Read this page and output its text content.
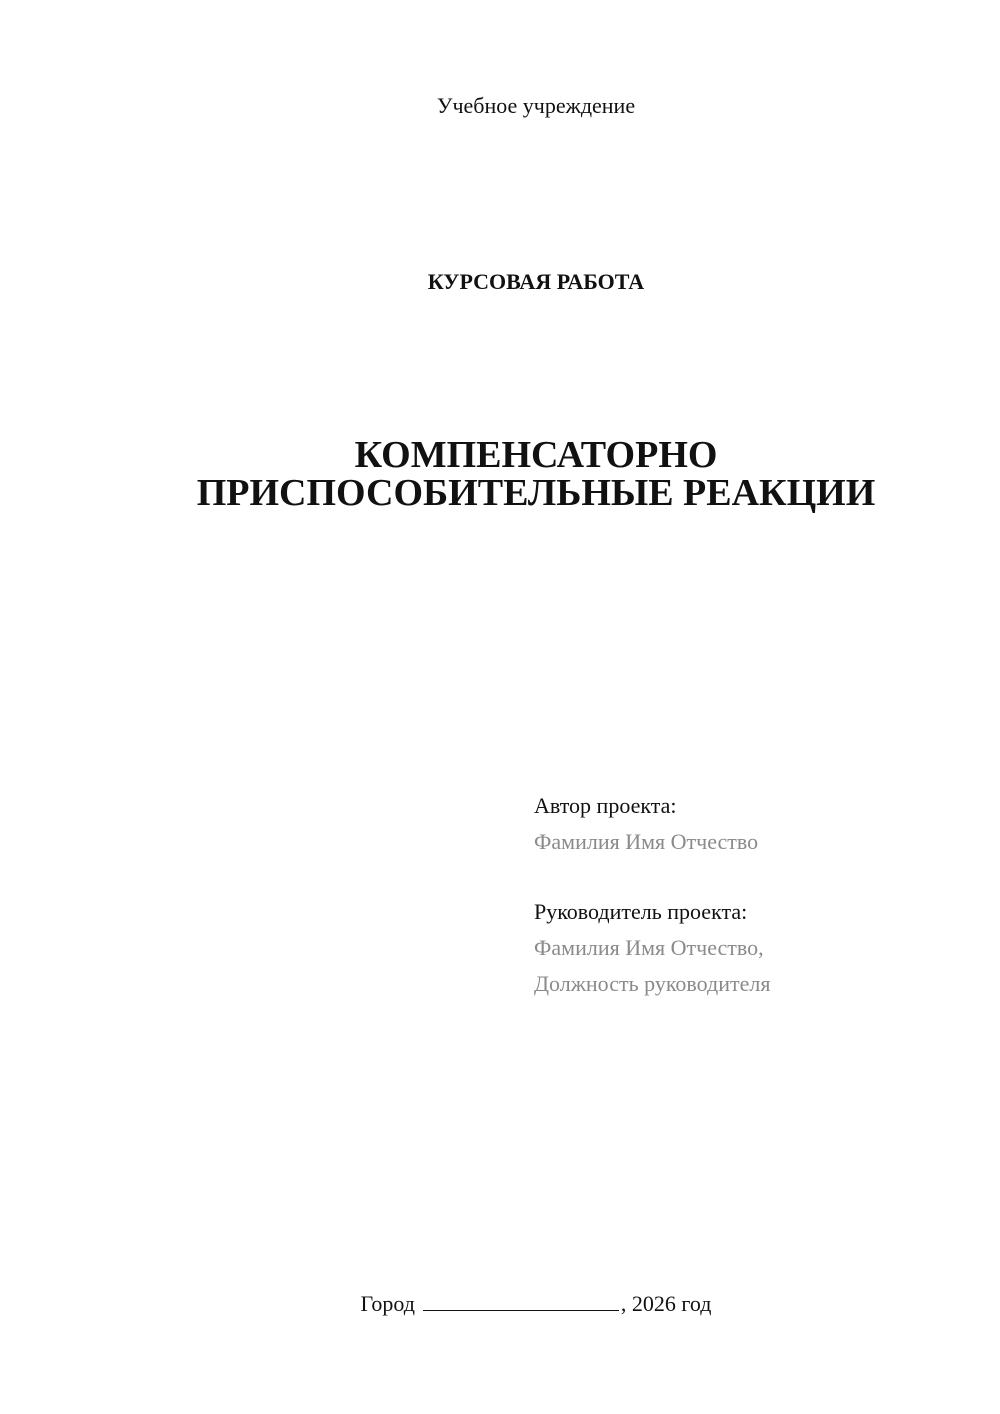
Учебное учреждение
КУРСОВАЯ РАБОТА
КОМПЕНСАТОРНО
ПРИСПОСОБИТЕЛЬНЫЕ РЕАКЦИИ
Автор проекта:
Фамилия Имя Отчество
Руководитель проекта:
Фамилия Имя Отчество,
Должность руководителя
Город	, 2026 год
